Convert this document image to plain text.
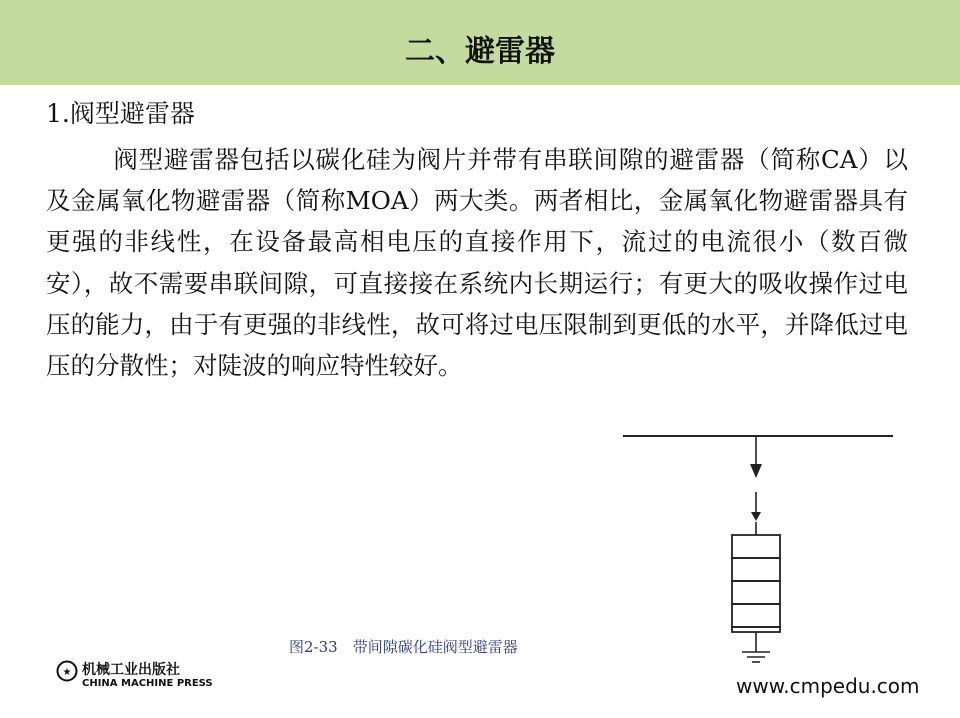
二、避雷器
1.阀型避雷器
阀型避雷器包括以碳化硅为阀片并带有串联间隙的避雷器（简称CA）以及金属氧化物避雷器（简称MOA）两大类。两者相比，金属氧化物避雷器具有更强的非线性，在设备最高相电压的直接作用下，流过的电流很小（数百微安），故不需要串联间隙，可直接接在系统内长期运行；有更大的吸收操作过电压的能力，由于有更强的非线性，故可将过电压限制到更低的水平，并降低过电压的分散性；对陡波的响应特性较好。
图2-33　带间隙碳化硅阀型避雷器
★ 机械工业出版社
CHINA MACHINE PRESS	www.cmpedu.com
